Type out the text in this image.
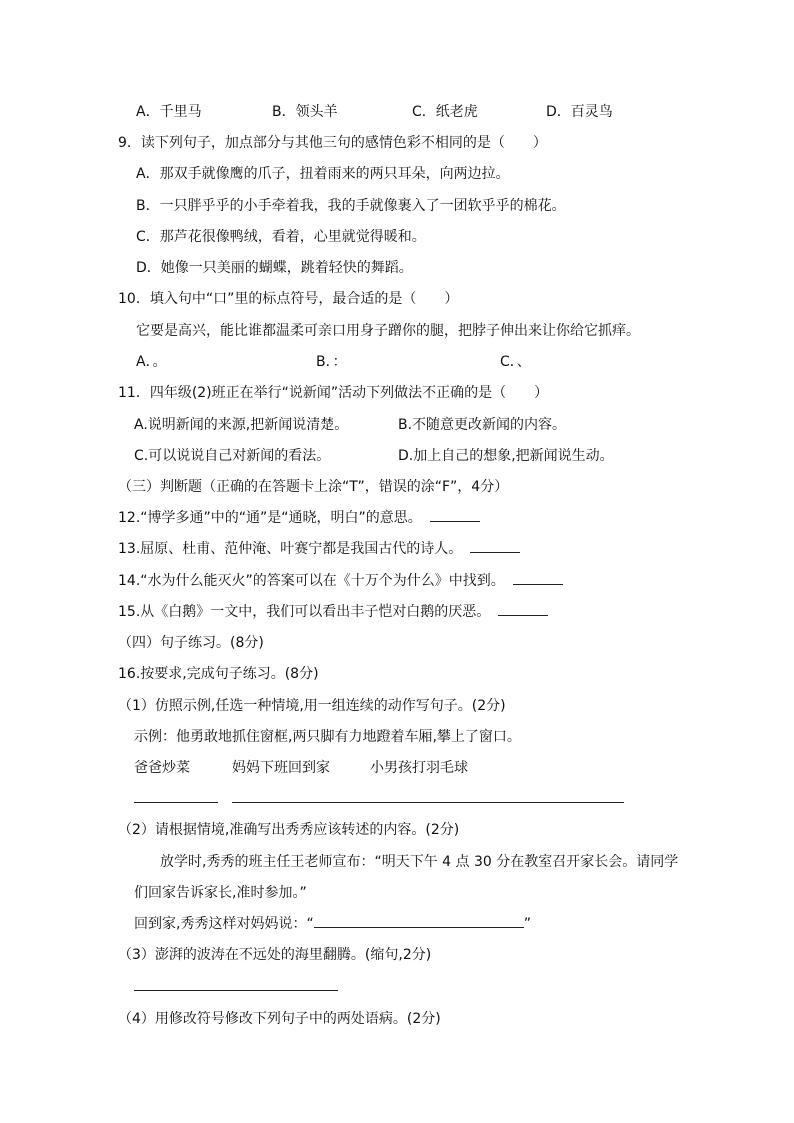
A．千里马	B．领头羊	C．纸老虎	D．百灵鸟
9．读下列句子，加点部分与其他三句的感情色彩不相同的是（　　）
A．那双手就像鹰的爪子，扭着雨来的两只耳朵，向两边拉。
B．一只胖乎乎的小手牵着我，我的手就像裹入了一团软乎乎的棉花。
C．那芦花很像鸭绒，看着，心里就觉得暖和。
D．她像一只美丽的蝴蝶，跳着轻快的舞蹈。
10．填入句中“口”里的标点符号，最合适的是（　　）
它要是高兴，能比谁都温柔可亲口用身子蹭你的腿，把脖子伸出来让你给它抓痒。
A．。	B．：	C．、
11．四年级(2)班正在举行“说新闻”活动下列做法不正确的是（　　）
A.说明新闻的来源,把新闻说清楚。	B.不随意更改新闻的内容。
C.可以说说自己对新闻的看法。	D.加上自己的想象,把新闻说生动。
（三）判断题（正确的在答题卡上涂“T”，错误的涂“F”，4分）
12.“博学多通”中的“通”是“通晓，明白”的意思。
13.屈原、杜甫、范仲淹、叶赛宁都是我国古代的诗人。
14.“水为什么能灭火”的答案可以在《十万个为什么》中找到。
15.从《白鹅》一文中，我们可以看出丰子恺对白鹅的厌恶。
（四）句子练习。(8分)
16.按要求,完成句子练习。(8分)
（1）仿照示例,任选一种情境,用一组连续的动作写句子。(2分)
示例：他勇敢地抓住窗框,两只脚有力地蹬着车厢,攀上了窗口。
爸爸炒菜	妈妈下班回到家	小男孩打羽毛球
（2）请根据情境,准确写出秀秀应该转述的内容。(2分)
放学时,秀秀的班主任王老师宣布：“明天下午 4 点 30 分在教室召开家长会。请同学
们回家告诉家长,准时参加。”
回到家,秀秀这样对妈妈说：“	”
（3）澎湃的波涛在不远处的海里翻腾。(缩句,2分)
（4）用修改符号修改下列句子中的两处语病。(2分)
